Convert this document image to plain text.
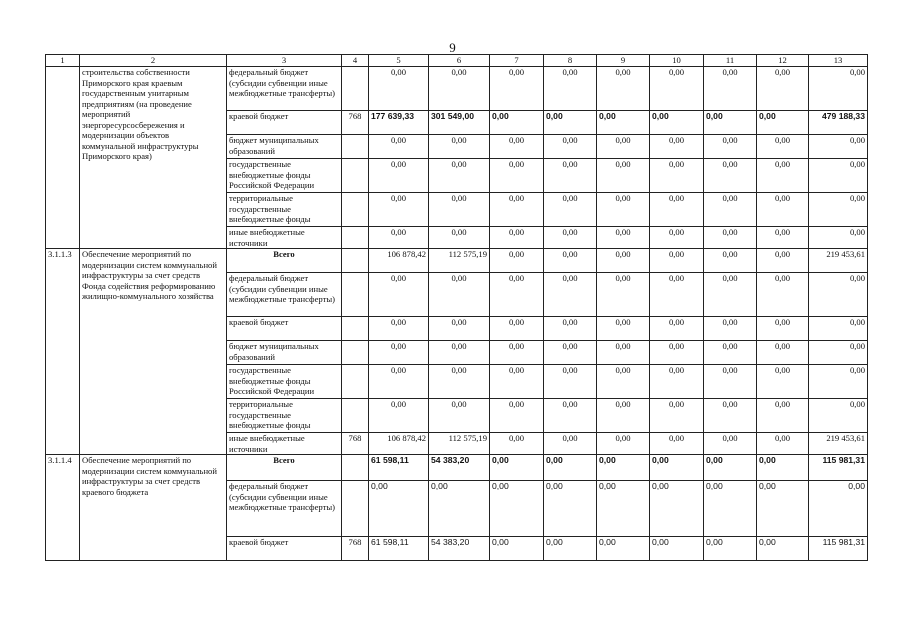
9
1	2	3	4	5	6	7	8	9	10	11	12	13
	строительства собственности Приморского края краевым государственным унитарным предприятиям (на проведение мероприятий энергоресурсосбережения и модернизации объектов коммунальной инфраструктуры Приморского края)	федеральный бюджет (субсидии субвенции иные межбюджетные трансферты)		0,00	0,00	0,00	0,00	0,00	0,00	0,00	0,00	0,00
		краевой бюджет	768	177 639,33	301 549,00	0,00	0,00	0,00	0,00	0,00	0,00	479 188,33
		бюджет муниципальных образований		0,00	0,00	0,00	0,00	0,00	0,00	0,00	0,00	0,00
		государственные внебюджетные фонды Российской Федерации		0,00	0,00	0,00	0,00	0,00	0,00	0,00	0,00	0,00
		территориальные государственные внебюджетные фонды		0,00	0,00	0,00	0,00	0,00	0,00	0,00	0,00	0,00
		иные внебюджетные источники		0,00	0,00	0,00	0,00	0,00	0,00	0,00	0,00	0,00
3.1.1.3	Обеспечение мероприятий по модернизации систем коммунальной инфраструктуры за счет средств Фонда содействия реформированию жилищно-коммунального хозяйства	Всего		106 878,42	112 575,19	0,00	0,00	0,00	0,00	0,00	0,00	219 453,61
		федеральный бюджет (субсидии субвенции иные межбюджетные трансферты)		0,00	0,00	0,00	0,00	0,00	0,00	0,00	0,00	0,00
		краевой бюджет		0,00	0,00	0,00	0,00	0,00	0,00	0,00	0,00	0,00
		бюджет муниципальных образований		0,00	0,00	0,00	0,00	0,00	0,00	0,00	0,00	0,00
		государственные внебюджетные фонды Российской Федерации		0,00	0,00	0,00	0,00	0,00	0,00	0,00	0,00	0,00
		территориальные государственные внебюджетные фонды		0,00	0,00	0,00	0,00	0,00	0,00	0,00	0,00	0,00
		иные внебюджетные источники	768	106 878,42	112 575,19	0,00	0,00	0,00	0,00	0,00	0,00	219 453,61
3.1.1.4	Обеспечение мероприятий по модернизации систем коммунальной инфраструктуры за счет средств краевого бюджета	Всего		61 598,11	54 383,20	0,00	0,00	0,00	0,00	0,00	0,00	115 981,31
		федеральный бюджет (субсидии субвенции иные межбюджетные трансферты)		0,00	0,00	0,00	0,00	0,00	0,00	0,00	0,00	0,00
		краевой бюджет	768	61 598,11	54 383,20	0,00	0,00	0,00	0,00	0,00	0,00	115 981,31
